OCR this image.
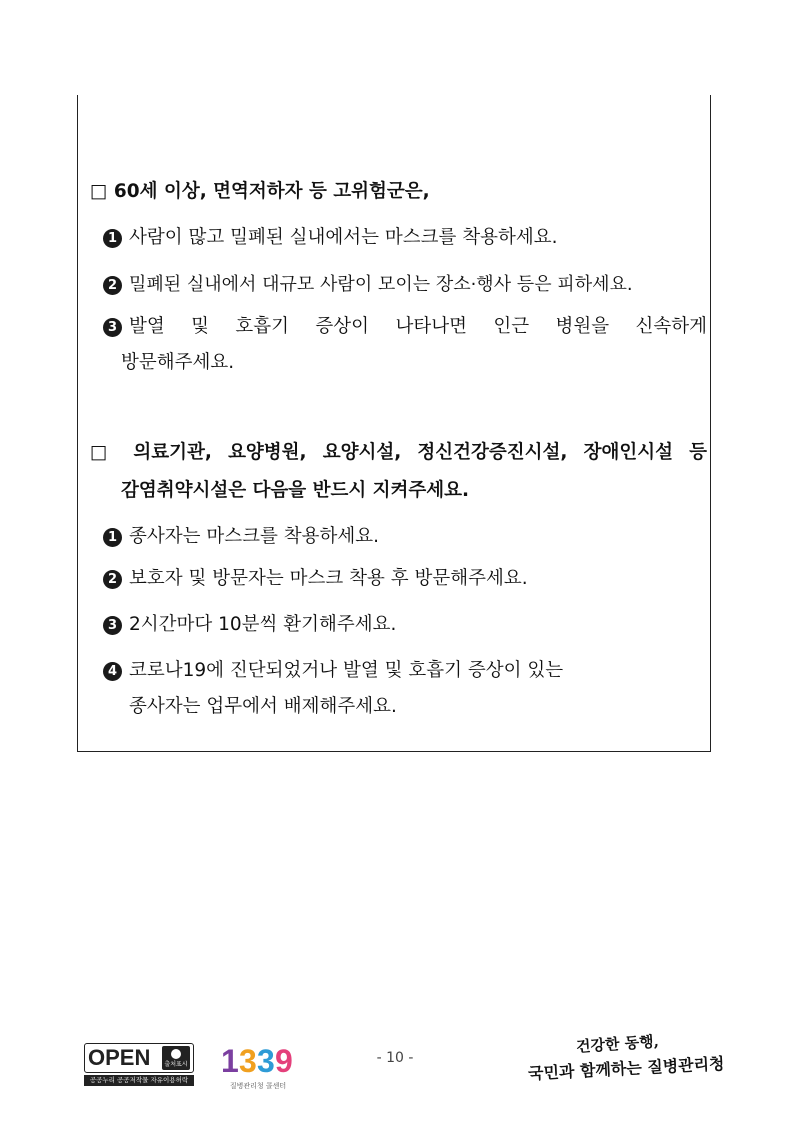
□ 60세 이상, 면역저하자 등 고위험군은,
1 사람이 많고 밀폐된 실내에서는 마스크를 착용하세요.
2 밀폐된 실내에서 대규모 사람이 모이는 장소·행사 등은 피하세요.
3 발열 및 호흡기 증상이 나타나면 인근 병원을 신속하게
방문해주세요.
□ 의료기관, 요양병원, 요양시설, 정신건강증진시설, 장애인시설 등
감염취약시설은 다음을 반드시 지켜주세요.
1 종사자는 마스크를 착용하세요.
2 보호자 및 방문자는 마스크 착용 후 방문해주세요.
3 2시간마다 10분씩 환기해주세요.
4 코로나19에 진단되었거나 발열 및 호흡기 증상이 있는
종사자는 업무에서 배제해주세요.
OPEN	출처표시
공공누리 공공저작물 자유이용허락
1 3 3 9
질병관리청 콜센터
- 10 -
건강한 동행,
국민과 함께하는 질병관리청
